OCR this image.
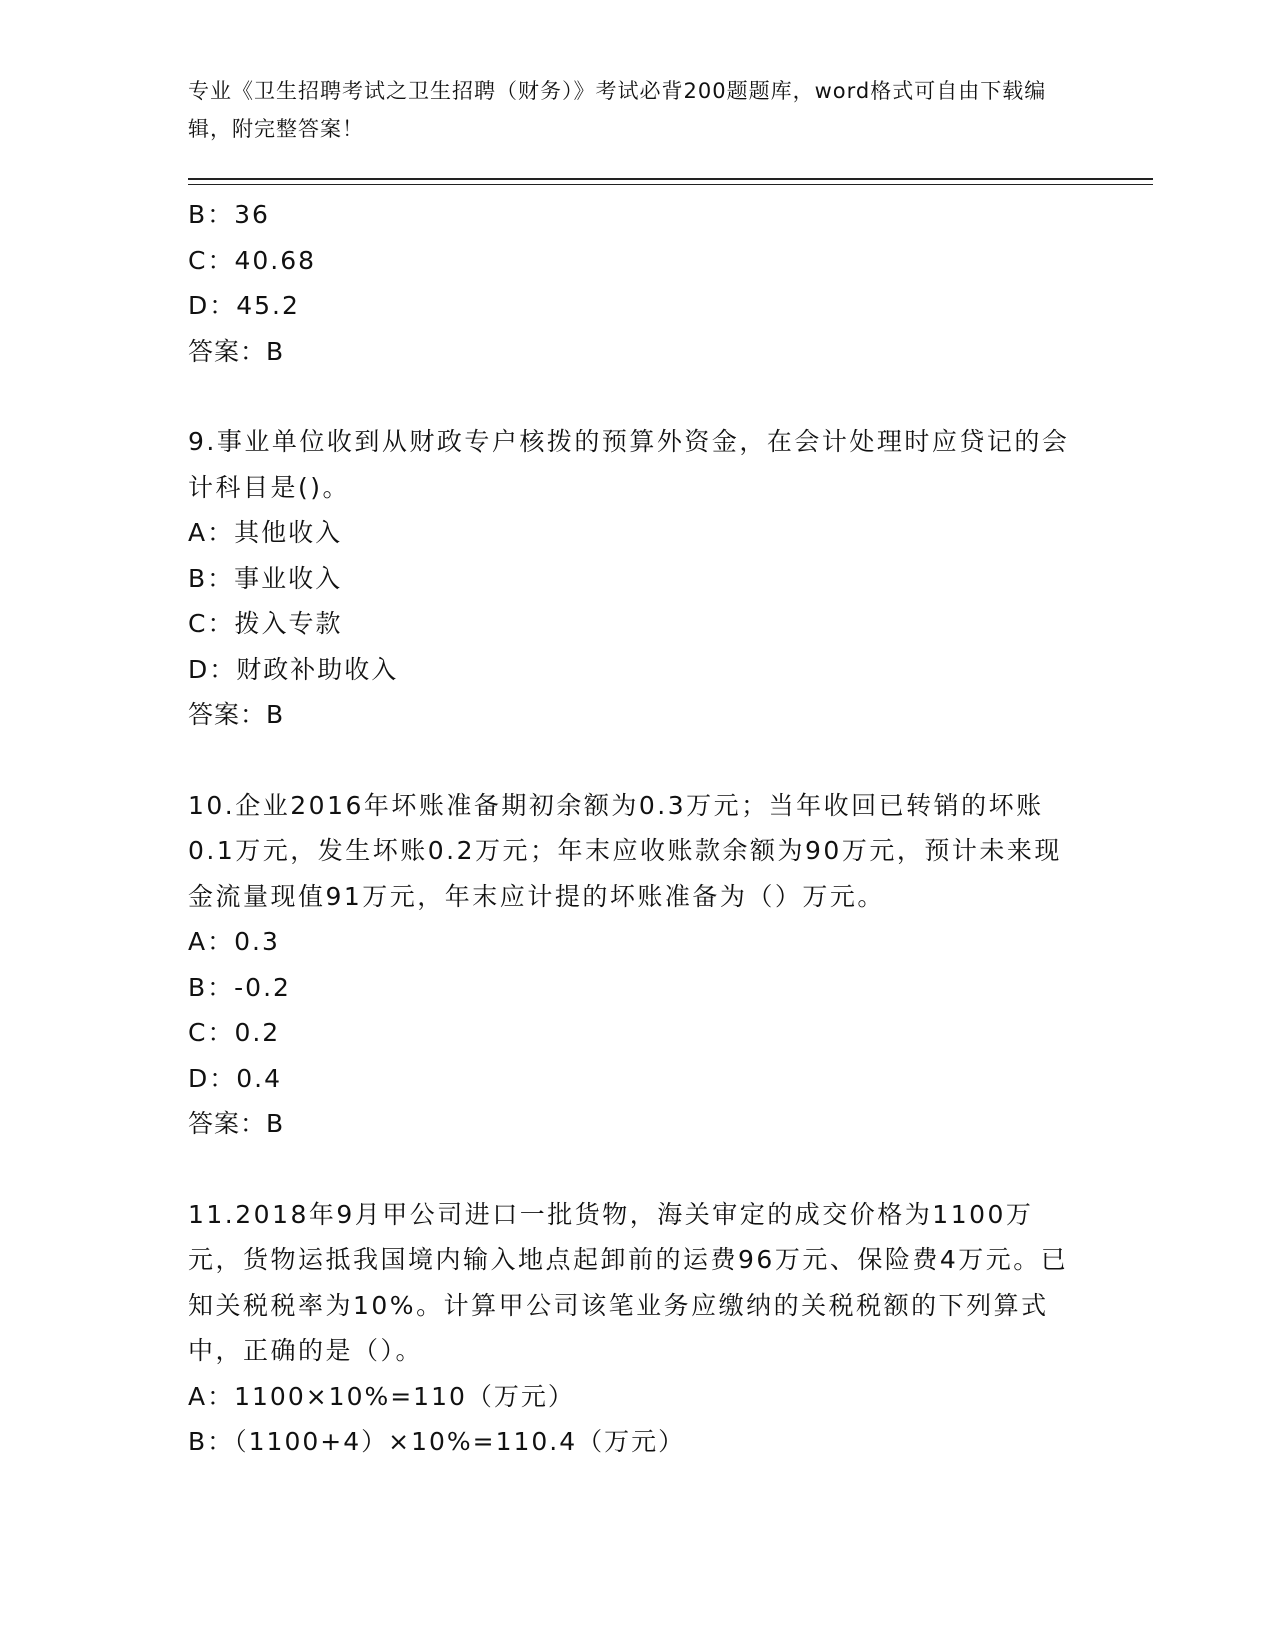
专业《卫生招聘考试之卫生招聘（财务）》考试必背200题题库，word格式可自由下载编辑，附完整答案！
B：36
C：40.68
D：45.2
答案：B
9.事业单位收到从财政专户核拨的预算外资金，在会计处理时应贷记的会计科目是()。
A：其他收入
B：事业收入
C：拨入专款
D：财政补助收入
答案：B
10.企业2016年坏账准备期初余额为0.3万元；当年收回已转销的坏账0.1万元，发生坏账0.2万元；年末应收账款余额为90万元，预计未来现金流量现值91万元，年末应计提的坏账准备为（）万元。
A：0.3
B：-0.2
C：0.2
D：0.4
答案：B
11.2018年9月甲公司进口一批货物，海关审定的成交价格为1100万元，货物运抵我国境内输入地点起卸前的运费96万元、保险费4万元。已知关税税率为10%。计算甲公司该笔业务应缴纳的关税税额的下列算式中，正确的是（）。
A：1100×10%=110（万元）
B：（1100+4）×10%=110.4（万元）
